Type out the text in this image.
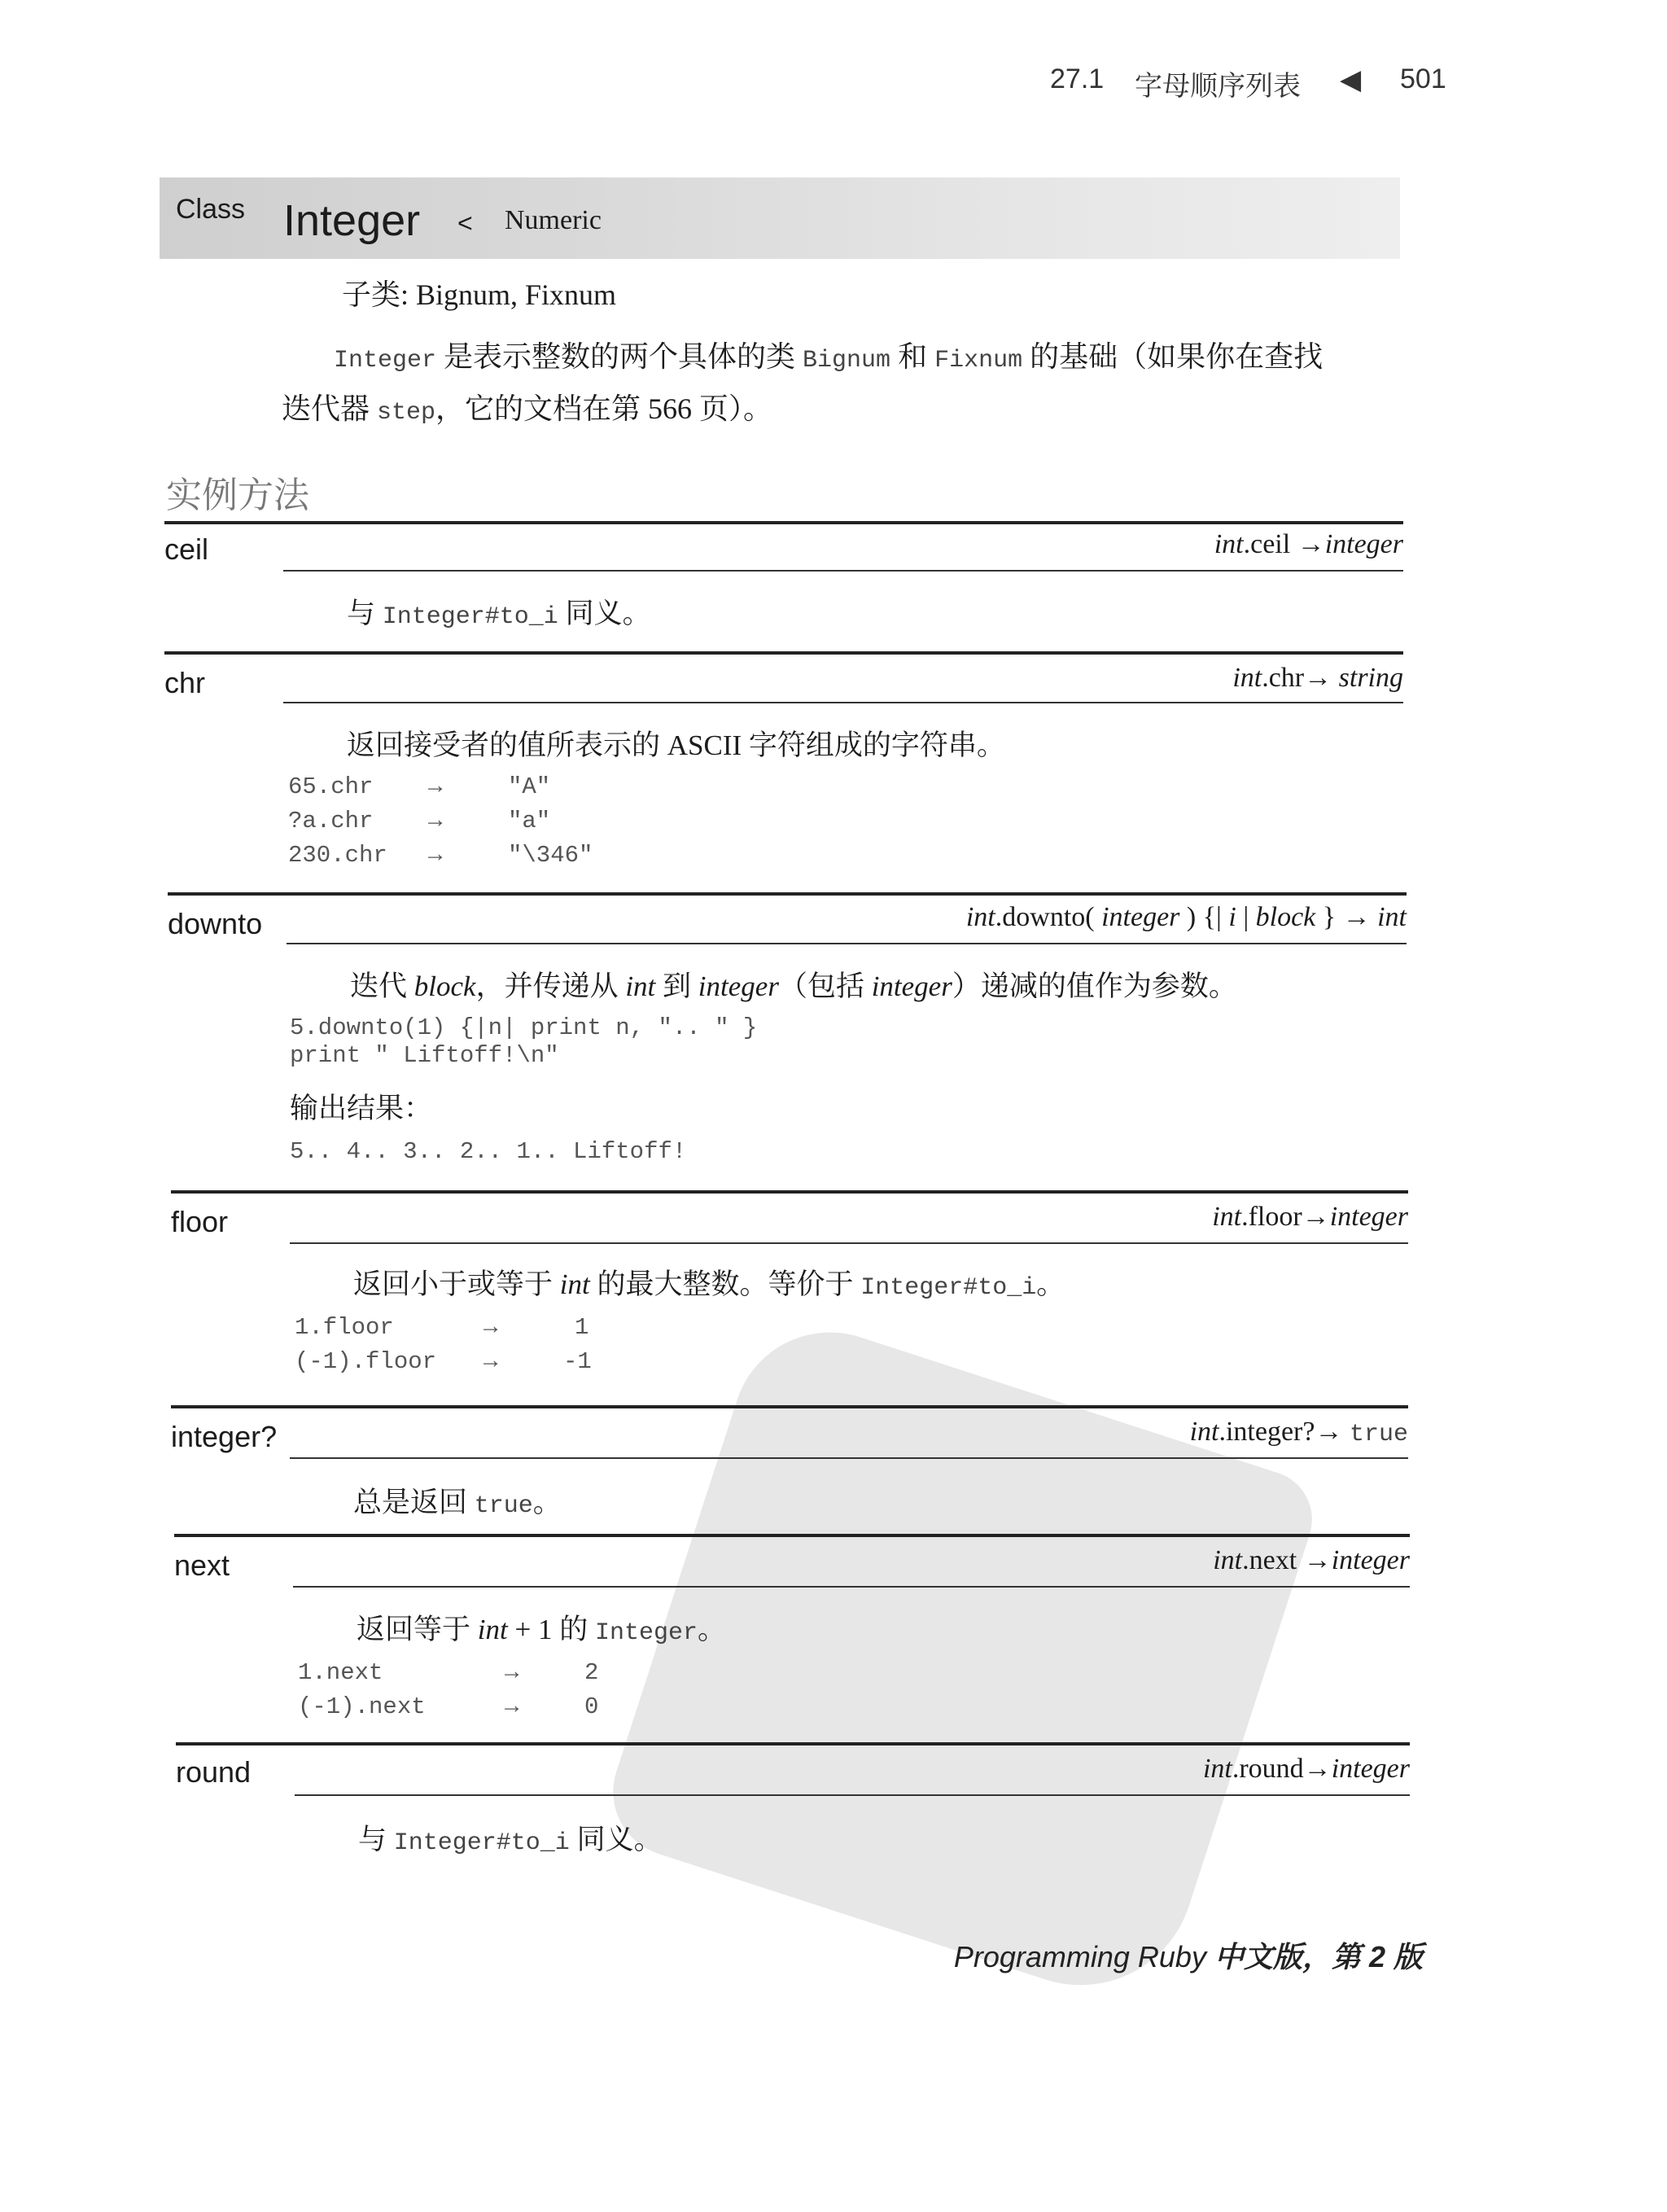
27.1 字母顺序列表 ◀ 501
Class Integer < Numeric
子类: Bignum, Fixnum
Integer 是表示整数的两个具体的类 Bignum 和 Fixnum 的基础（如果你在查找
迭代器 step，它的文档在第 566 页）。
实例方法
ceil	int.ceil →integer
与 Integer#to_i 同义。
chr	int.chr→ string
返回接受者的值所表示的 ASCII 字符组成的字符串。
65.chr →	"A"
?a.chr →	"a"
230.chr →	"\346"
downto	int.downto( integer ) {| i | block } → int
迭代 block，并传递从 int 到 integer（包括 integer）递减的值作为参数。
5.downto(1) {|n| print n, ".. " }
print " Liftoff!\n"
输出结果：
5.. 4.. 3.. 2.. 1.. Liftoff!
floor	int.floor→integer
返回小于或等于 int 的最大整数。等价于 Integer#to_i。
1.floor	→	1
(-1).floor →	-1
integer?	int.integer?→ true
总是返回 true。
next	int.next →integer
返回等于 int + 1 的 Integer。
1.next	→	2
(-1).next	→	0
round	int.round→integer
与 Integer#to_i 同义。
Programming Ruby 中文版，第 2 版
